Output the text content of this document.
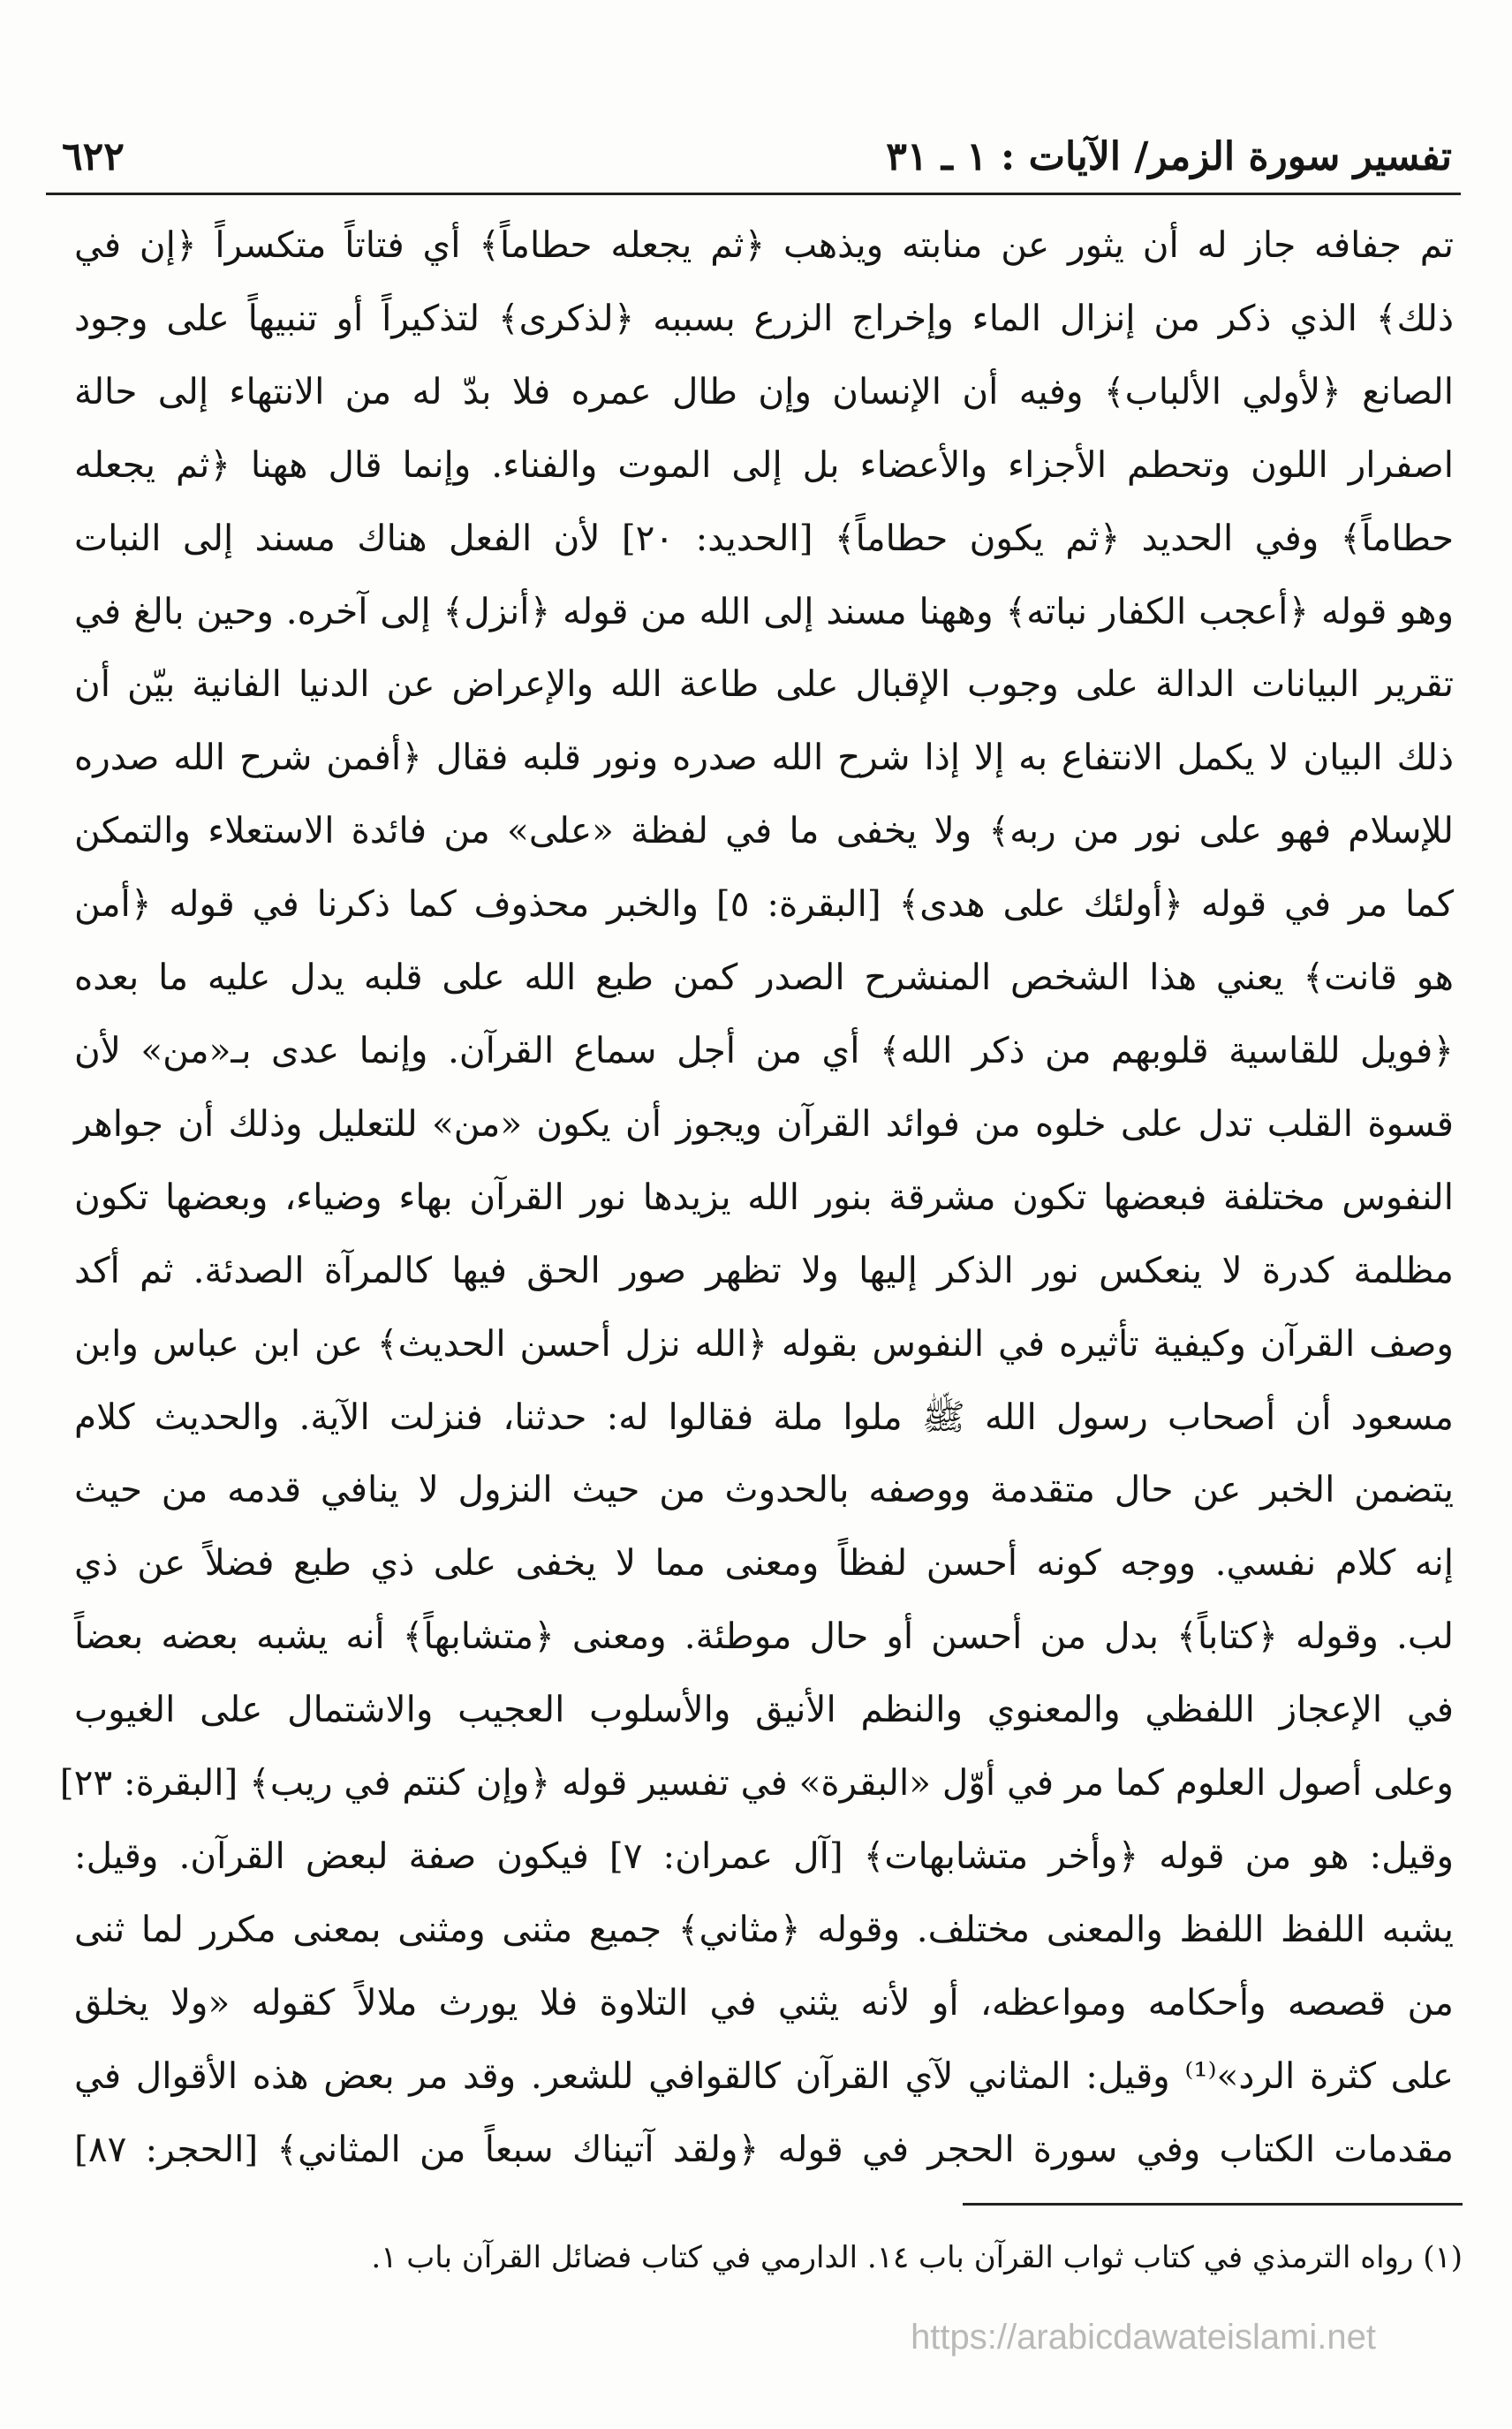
تفسير سورة الزمر/ الآيات : ١ ـ ٣١
٦٢٢
تم جفافه جاز له أن يثور عن منابته ويذهب ﴿ثم يجعله حطاماً﴾ أي فتاتاً متكسراً ﴿إن في
ذلك﴾ الذي ذكر من إنزال الماء وإخراج الزرع بسببه ﴿لذكرى﴾ لتذكيراً أو تنبيهاً على وجود
الصانع ﴿لأولي الألباب﴾ وفيه أن الإنسان وإن طال عمره فلا بدّ له من الانتهاء إلى حالة
اصفرار اللون وتحطم الأجزاء والأعضاء بل إلى الموت والفناء. وإنما قال ههنا ﴿ثم يجعله
حطاماً﴾ وفي الحديد ﴿ثم يكون حطاماً﴾ [الحديد: ٢٠] لأن الفعل هناك مسند إلى النبات
وهو قوله ﴿أعجب الكفار نباته﴾ وههنا مسند إلى الله من قوله ﴿أنزل﴾ إلى آخره. وحين بالغ في
تقرير البيانات الدالة على وجوب الإقبال على طاعة الله والإعراض عن الدنيا الفانية بيّن أن
ذلك البيان لا يكمل الانتفاع به إلا إذا شرح الله صدره ونور قلبه فقال ﴿أفمن شرح الله صدره
للإسلام فهو على نور من ربه﴾ ولا يخفى ما في لفظة «على» من فائدة الاستعلاء والتمكن
كما مر في قوله ﴿أولئك على هدى﴾ [البقرة: ٥] والخبر محذوف كما ذكرنا في قوله ﴿أمن
هو قانت﴾ يعني هذا الشخص المنشرح الصدر كمن طبع الله على قلبه يدل عليه ما بعده
﴿فويل للقاسية قلوبهم من ذكر الله﴾ أي من أجل سماع القرآن. وإنما عدى بـ«من» لأن
قسوة القلب تدل على خلوه من فوائد القرآن ويجوز أن يكون «من» للتعليل وذلك أن جواهر
النفوس مختلفة فبعضها تكون مشرقة بنور الله يزيدها نور القرآن بهاء وضياء، وبعضها تكون
مظلمة كدرة لا ينعكس نور الذكر إليها ولا تظهر صور الحق فيها كالمرآة الصدئة. ثم أكد
وصف القرآن وكيفية تأثيره في النفوس بقوله ﴿الله نزل أحسن الحديث﴾ عن ابن عباس وابن
مسعود أن أصحاب رسول الله ﷺ ملوا ملة فقالوا له: حدثنا، فنزلت الآية. والحديث كلام
يتضمن الخبر عن حال متقدمة ووصفه بالحدوث من حيث النزول لا ينافي قدمه من حيث
إنه كلام نفسي. ووجه كونه أحسن لفظاً ومعنى مما لا يخفى على ذي طبع فضلاً عن ذي
لب. وقوله ﴿كتاباً﴾ بدل من أحسن أو حال موطئة. ومعنى ﴿متشابهاً﴾ أنه يشبه بعضه بعضاً
في الإعجاز اللفظي والمعنوي والنظم الأنيق والأسلوب العجيب والاشتمال على الغيوب
وعلى أصول العلوم كما مر في أوّل «البقرة» في تفسير قوله ﴿وإن كنتم في ريب﴾ [البقرة: ٢٣]
وقيل: هو من قوله ﴿وأخر متشابهات﴾ [آل عمران: ٧] فيكون صفة لبعض القرآن. وقيل:
يشبه اللفظ اللفظ والمعنى مختلف. وقوله ﴿مثاني﴾ جميع مثنى ومثنى بمعنى مكرر لما ثنى
من قصصه وأحكامه ومواعظه، أو لأنه يثني في التلاوة فلا يورث ملالاً كقوله «ولا يخلق
على كثرة الرد»⁽¹⁾ وقيل: المثاني لآي القرآن كالقوافي للشعر. وقد مر بعض هذه الأقوال في
مقدمات الكتاب وفي سورة الحجر في قوله ﴿ولقد آتيناك سبعاً من المثاني﴾ [الحجر: ٨٧]
(١) رواه الترمذي في كتاب ثواب القرآن باب ١٤. الدارمي في كتاب فضائل القرآن باب ١.
https://arabicdawateislami.net
